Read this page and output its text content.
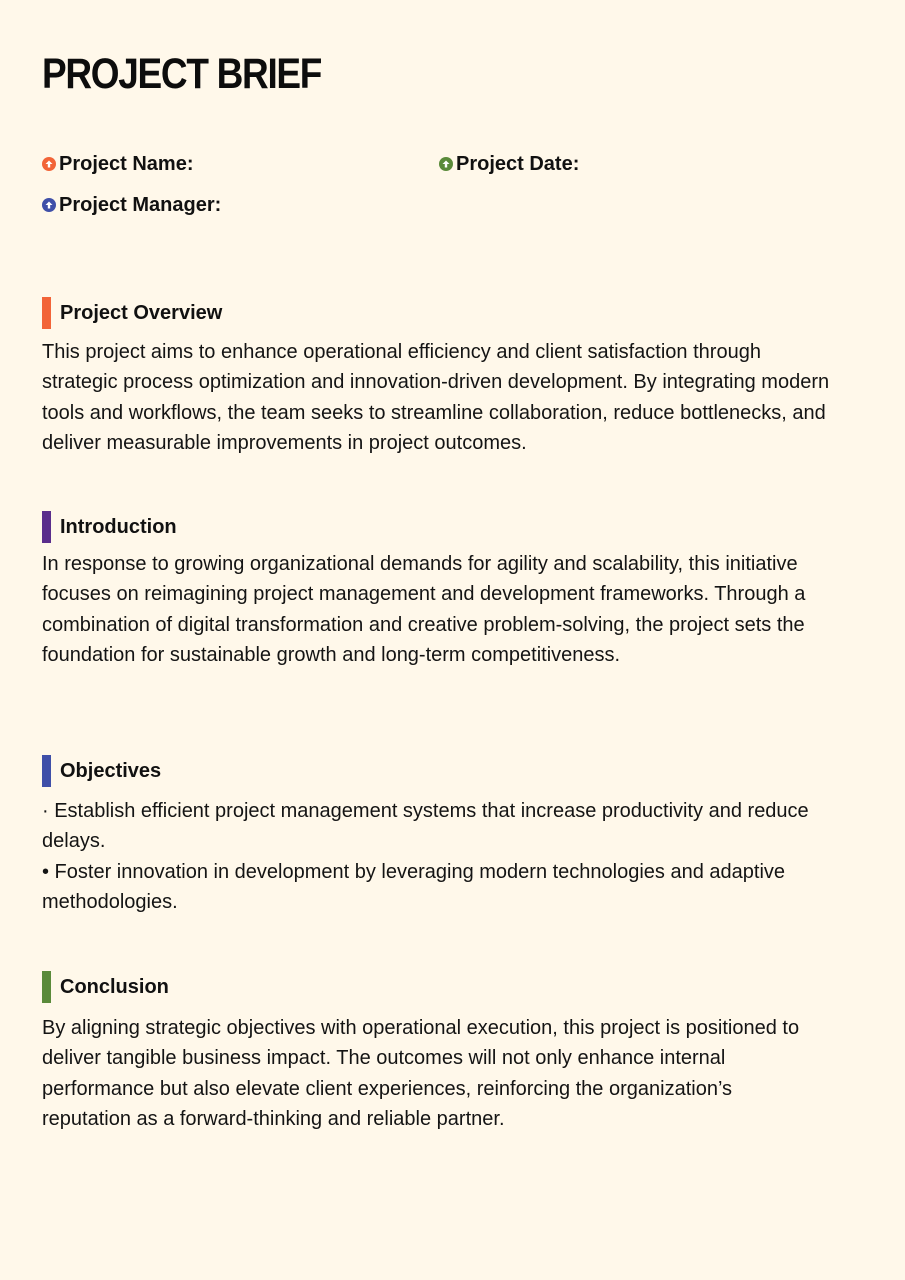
PROJECT BRIEF
Project Name:	Project Date:
Project Manager:
Project Overview

This project aims to enhance operational efficiency and client satisfaction through strategic process optimization and innovation-driven development. By integrating modern tools and workflows, the team seeks to streamline collaboration, reduce bottlenecks, and deliver measurable improvements in project outcomes.

Introduction

In response to growing organizational demands for agility and scalability, this initiative focuses on reimagining project management and development frameworks. Through a combination of digital transformation and creative problem-solving, the project sets the foundation for sustainable growth and long-term competitiveness.

Objectives

· Establish efficient project management systems that increase productivity and reduce delays.

• Foster innovation in development by leveraging modern technologies and adaptive methodologies.

Conclusion

By aligning strategic objectives with operational execution, this project is positioned to deliver tangible business impact. The outcomes will not only enhance internal performance but also elevate client experiences, reinforcing the organization’s reputation as a forward-thinking and reliable partner.
